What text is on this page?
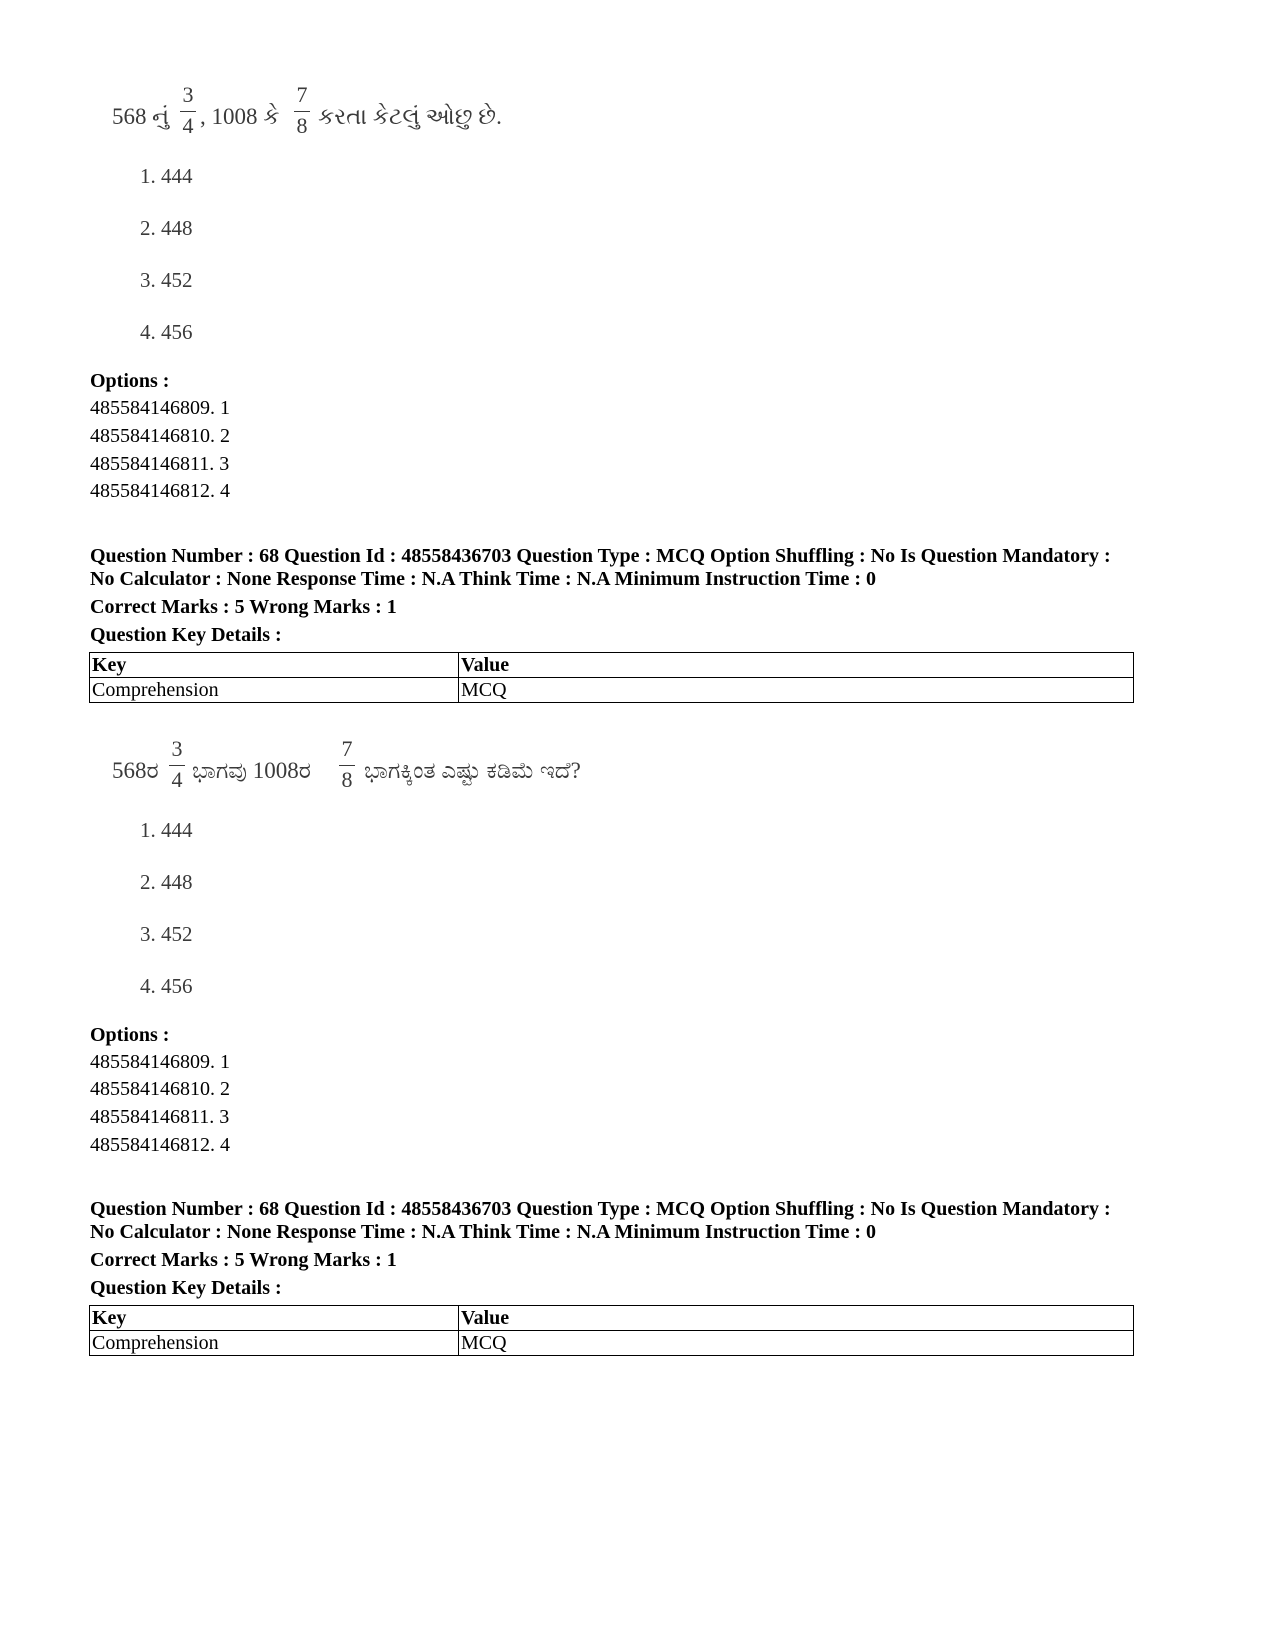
568 નું
3
4 , 1008 કે
7
8 કરતા કેટલું ઓછુ છે.
1. 444
2. 448
3. 452
4. 456
Options :
485584146809. 1
485584146810. 2
485584146811. 3
485584146812. 4
Question Number : 68 Question Id : 48558436703 Question Type : MCQ Option Shuffling : No Is Question Mandatory :
No Calculator : None Response Time : N.A Think Time : N.A Minimum Instruction Time : 0
Correct Marks : 5 Wrong Marks : 1
Question Key Details :
Key	Value
Comprehension	MCQ
568ರ
3
4 ಭಾಗವು 1008ರ
7
8 ಭಾಗಕ್ಕಿಂತ ಎಷ್ಟು ಕಡಿಮೆ ಇದೆ?
1. 444
2. 448
3. 452
4. 456
Options :
485584146809. 1
485584146810. 2
485584146811. 3
485584146812. 4
Question Number : 68 Question Id : 48558436703 Question Type : MCQ Option Shuffling : No Is Question Mandatory :
No Calculator : None Response Time : N.A Think Time : N.A Minimum Instruction Time : 0
Correct Marks : 5 Wrong Marks : 1
Question Key Details :
Key	Value
Comprehension	MCQ
